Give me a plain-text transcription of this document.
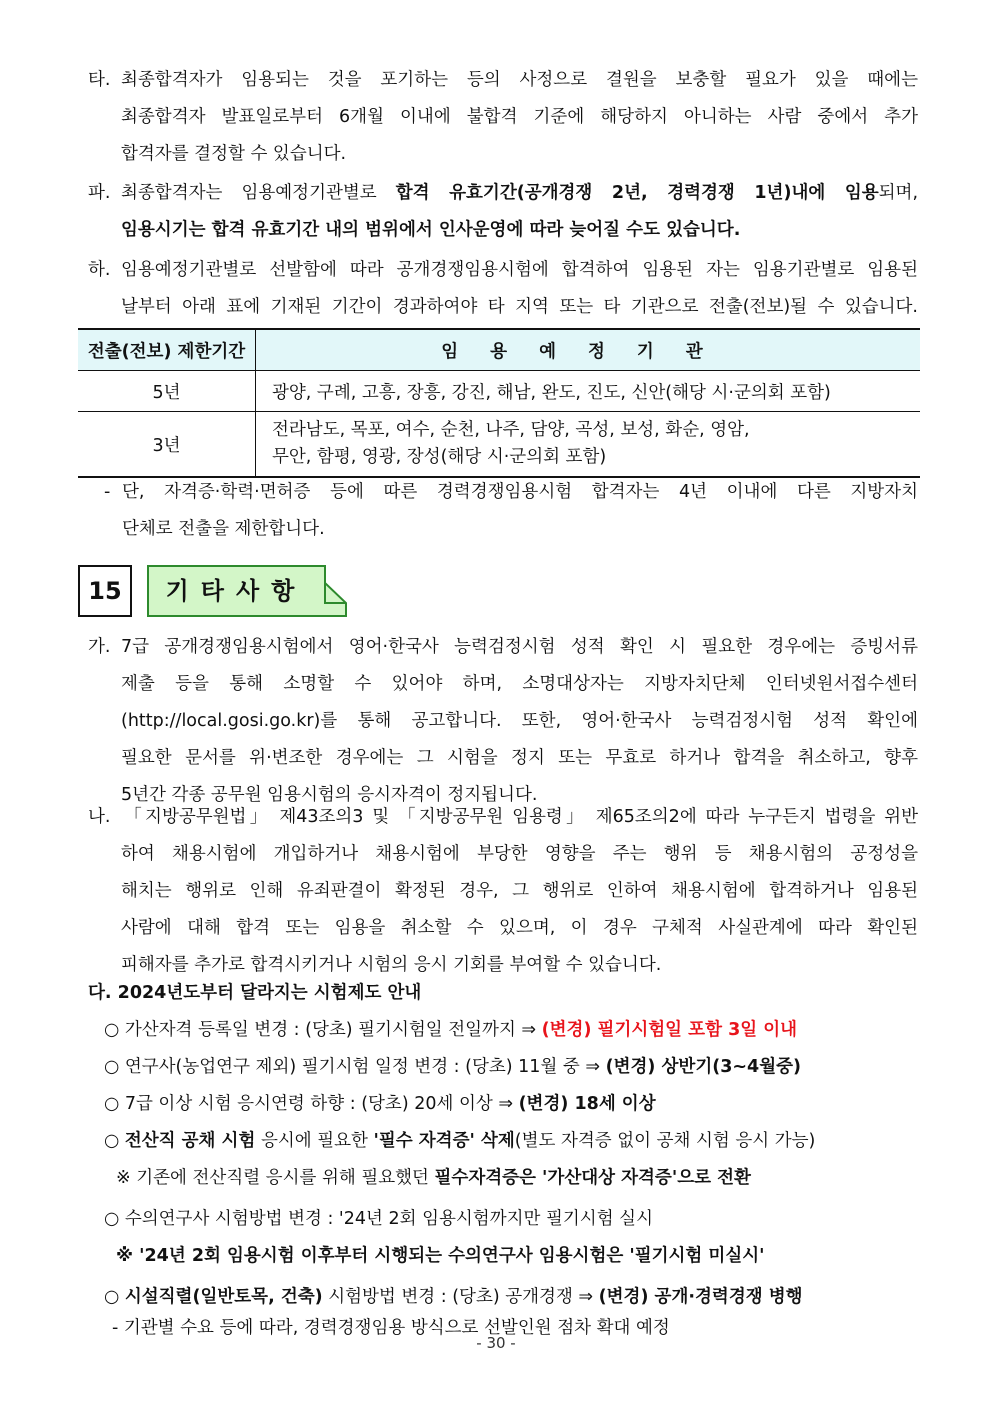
타. 최종합격자가 임용되는 것을 포기하는 등의 사정으로 결원을 보충할 필요가 있을 때에는
최종합격자 발표일로부터 6개월 이내에 불합격 기준에 해당하지 아니하는 사람 중에서 추가
합격자를 결정할 수 있습니다.
파. 최종합격자는 임용예정기관별로 합격 유효기간(공개경쟁 2년, 경력경쟁 1년)내에 임용되며,
임용시기는 합격 유효기간 내의 범위에서 인사운영에 따라 늦어질 수도 있습니다.
하. 임용예정기관별로 선발함에 따라 공개경쟁임용시험에 합격하여 임용된 자는 임용기관별로 임용된
날부터 아래 표에 기재된 기간이 경과하여야 타 지역 또는 타 기관으로 전출(전보)될 수 있습니다.
전출(전보) 제한기간	임용예정기관
5년	광양, 구례, 고흥, 장흥, 강진, 해남, 완도, 진도, 신안(해당 시·군의회 포함)
3년	전라남도, 목포, 여수, 순천, 나주, 담양, 곡성, 보성, 화순, 영암,
무안, 함평, 영광, 장성(해당 시·군의회 포함)
- 단, 자격증·학력·면허증 등에 따른 경력경쟁임용시험 합격자는 4년 이내에 다른 지방자치
단체로 전출을 제한합니다.
15	기타사항
가. 7급 공개경쟁임용시험에서 영어·한국사 능력검정시험 성적 확인 시 필요한 경우에는 증빙서류
제출 등을 통해 소명할 수 있어야 하며, 소명대상자는 지방자치단체 인터넷원서접수센터
(http://local.gosi.go.kr)를 통해 공고합니다. 또한, 영어·한국사 능력검정시험 성적 확인에
필요한 문서를 위·변조한 경우에는 그 시험을 정지 또는 무효로 하거나 합격을 취소하고, 향후
5년간 각종 공무원 임용시험의 응시자격이 정지됩니다.
나. 「지방공무원법」 제43조의3 및 「지방공무원 임용령」 제65조의2에 따라 누구든지 법령을 위반
하여 채용시험에 개입하거나 채용시험에 부당한 영향을 주는 행위 등 채용시험의 공정성을
해치는 행위로 인해 유죄판결이 확정된 경우, 그 행위로 인하여 채용시험에 합격하거나 임용된
사람에 대해 합격 또는 임용을 취소할 수 있으며, 이 경우 구체적 사실관계에 따라 확인된
피해자를 추가로 합격시키거나 시험의 응시 기회를 부여할 수 있습니다.
다. 2024년도부터 달라지는 시험제도 안내
○ 가산자격 등록일 변경 : (당초) 필기시험일 전일까지 ⇒ (변경) 필기시험일 포함 3일 이내
○ 연구사(농업연구 제외) 필기시험 일정 변경 : (당초) 11월 중 ⇒ (변경) 상반기(3~4월중)
○ 7급 이상 시험 응시연령 하향 : (당초) 20세 이상 ⇒ (변경) 18세 이상
○ 전산직 공채 시험 응시에 필요한 '필수 자격증' 삭제(별도 자격증 없이 공채 시험 응시 가능)
※ 기존에 전산직렬 응시를 위해 필요했던 필수자격증은 '가산대상 자격증'으로 전환
○ 수의연구사 시험방법 변경 : '24년 2회 임용시험까지만 필기시험 실시
※ '24년 2회 임용시험 이후부터 시행되는 수의연구사 임용시험은 '필기시험 미실시'
○ 시설직렬(일반토목, 건축) 시험방법 변경 : (당초) 공개경쟁 ⇒ (변경) 공개·경력경쟁 병행
- 기관별 수요 등에 따라, 경력경쟁임용 방식으로 선발인원 점차 확대 예정
- 30 -
